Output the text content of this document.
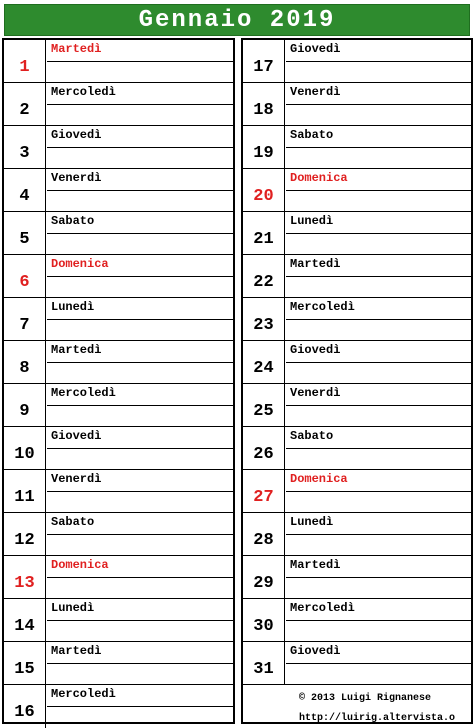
Gennaio 2019
1
Martedì
2
Mercoledì
3
Giovedì
4
Venerdì
5
Sabato
6
Domenica
7
Lunedì
8
Martedì
9
Mercoledì
10
Giovedì
11
Venerdì
12
Sabato
13
Domenica
14
Lunedì
15
Martedì
16
Mercoledì
17
Giovedì
18
Venerdì
19
Sabato
20
Domenica
21
Lunedì
22
Martedì
23
Mercoledì
24
Giovedì
25
Venerdì
26
Sabato
27
Domenica
28
Lunedì
29
Martedì
30
Mercoledì
31
Giovedì
© 2013 Luigi Rignanese
http://luirig.altervista.o
